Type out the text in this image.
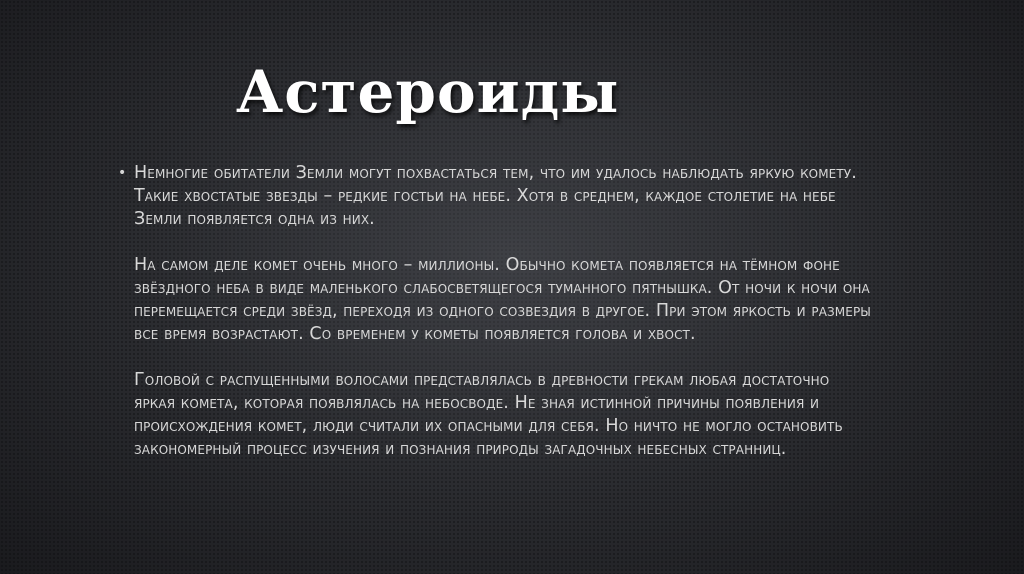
Астероиды
• Немногие обитатели Земли могут похвастаться тем, что им удалось наблюдать яркую комету. Такие хвостатые звезды – редкие гостьи на небе. Хотя в среднем, каждое столетие на небе Земли появляется одна из них.

На самом деле комет очень много – миллионы. Обычно комета появляется на тёмном фоне звёздного неба в виде маленького слабосветящегося туманного пятнышка. От ночи к ночи она перемещается среди звёзд, переходя из одного созвездия в другое. При этом яркость и размеры все время возрастают. Со временем у кометы появляется голова и хвост.

Головой с распущенными волосами представлялась в древности грекам любая достаточно яркая комета, которая появлялась на небосводе. Не зная истинной причины появления и происхождения комет, люди считали их опасными для себя. Но ничто не могло остановить закономерный процесс изучения и познания природы загадочных небесных странниц.
